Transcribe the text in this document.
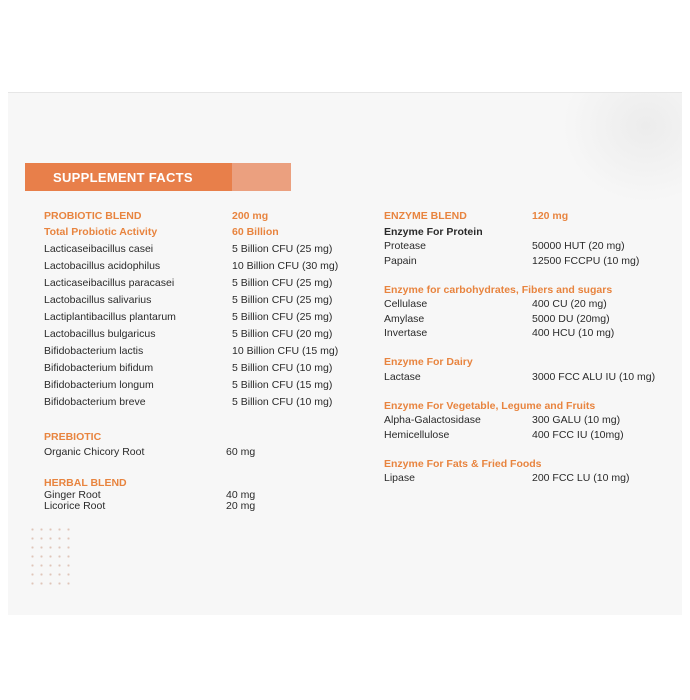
SUPPLEMENT FACTS
PROBIOTIC BLEND	200 mg
Total Probiotic Activity	60 Billion
Lacticaseibacillus casei	5 Billion CFU (25 mg)
Lactobacillus acidophilus	10 Billion CFU (30 mg)
Lacticaseibacillus paracasei	5 Billion CFU (25 mg)
Lactobacillus salivarius	5 Billion CFU (25 mg)
Lactiplantibacillus plantarum	5 Billion CFU (25 mg)
Lactobacillus bulgaricus	5 Billion CFU (20 mg)
Bifidobacterium lactis	10 Billion CFU (15 mg)
Bifidobacterium bifidum	5 Billion CFU (10 mg)
Bifidobacterium longum	5 Billion CFU (15 mg)
Bifidobacterium breve	5 Billion CFU (10 mg)
PREBIOTIC
Organic Chicory Root	60 mg
HERBAL BLEND
Ginger Root	40 mg
Licorice Root	20 mg
ENZYME BLEND	120 mg
Enzyme For Protein
Protease	50000 HUT (20 mg)
Papain	12500 FCCPU (10 mg)
Enzyme for carbohydrates, Fibers and sugars
Cellulase	400 CU (20 mg)
Amylase	5000 DU (20mg)
Invertase	400 HCU (10 mg)
Enzyme For Dairy
Lactase	3000 FCC ALU IU (10 mg)
Enzyme For Vegetable, Legume and Fruits
Alpha-Galactosidase	300 GALU (10 mg)
Hemicellulose	400 FCC IU (10mg)
Enzyme For Fats & Fried Foods
Lipase	200 FCC LU (10 mg)
